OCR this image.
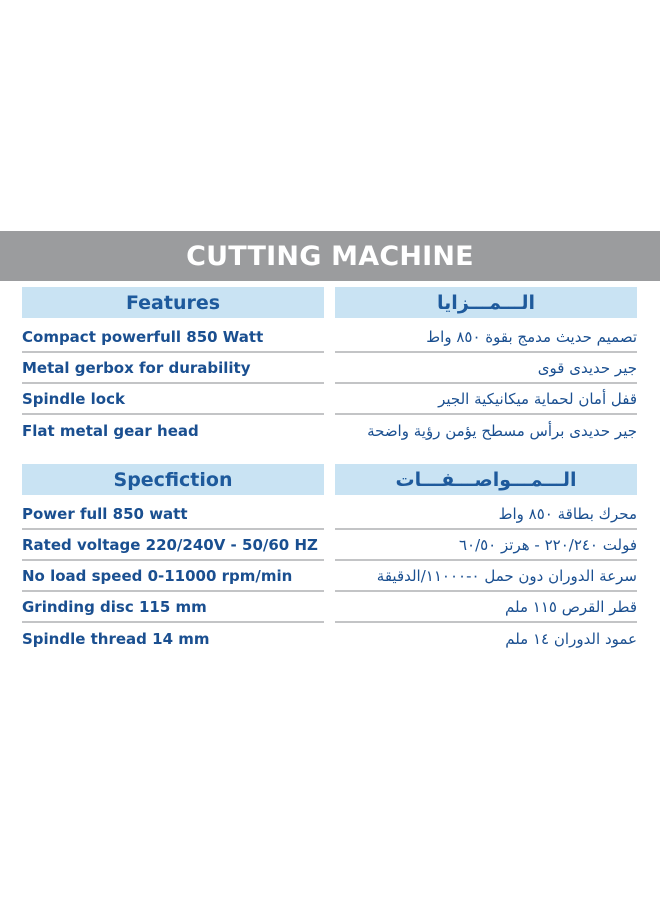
CUTTING MACHINE
Features
Compact powerfull 850 Watt
Metal gerbox for durability
Spindle lock
Flat metal gear head
الـــمـــزايا
تصميم حديث مدمج بقوة ٨٥٠ واط
جير حديدى قوى
قفل أمان لحماية ميكانيكية الجير
جير حديدى برأس مسطح يؤمن رؤية واضحة
Specfiction
Power full 850 watt
Rated voltage 220/240V - 50/60 HZ
No load speed 0-11000 rpm/min
Grinding disc 115 mm
Spindle thread 14 mm
الـــمـــواصـــفـــات
محرك بطاقة ٨٥٠ واط
فولت ٢٢٠/٢٤٠ - هرتز ٦٠/٥٠
سرعة الدوران دون حمل ٠-١١٠٠٠/الدقيقة
قطر القرص ١١٥ ملم
عمود الدوران ١٤ ملم
